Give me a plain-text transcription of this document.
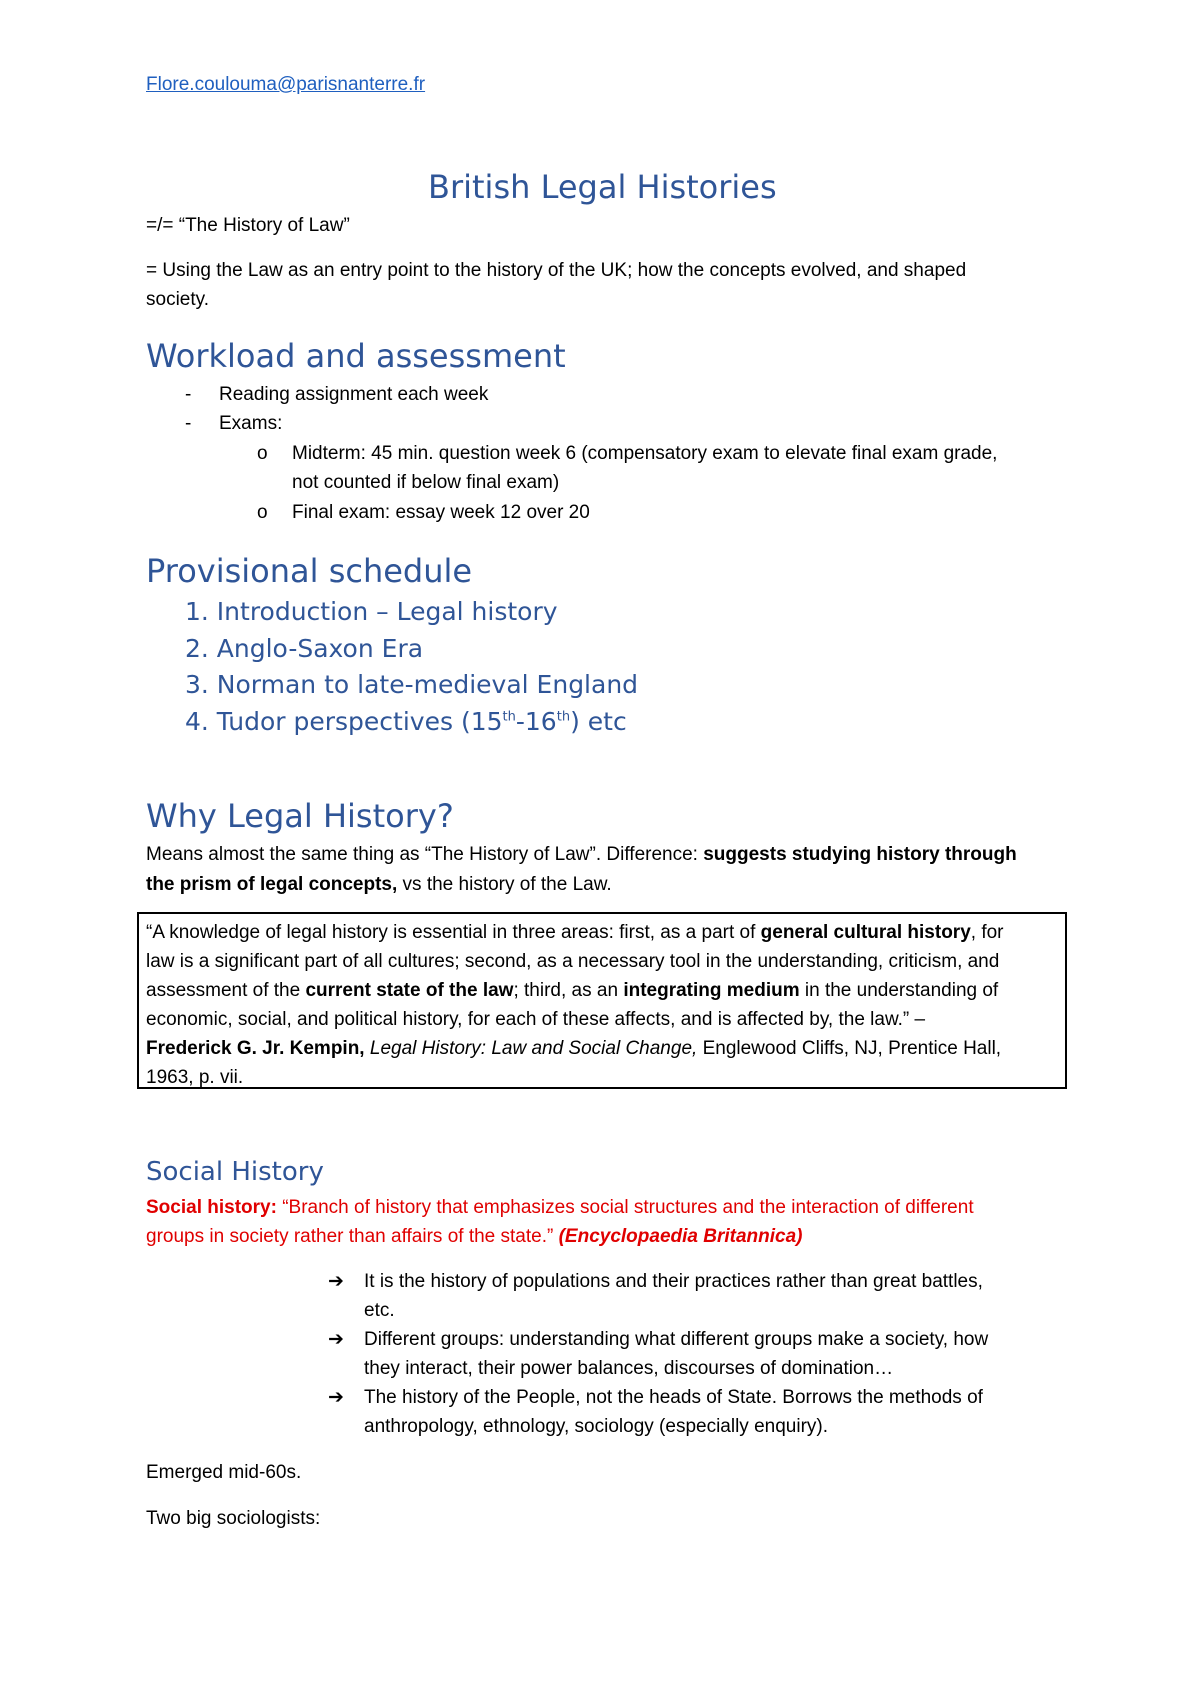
Flore.coulouma@parisnanterre.fr
British Legal Histories
=/= “The History of Law”
= Using the Law as an entry point to the history of the UK; how the concepts evolved, and shaped
society.
Workload and assessment
- Reading assignment each week
- Exams:
o Midterm: 45 min. question week 6 (compensatory exam to elevate final exam grade,
not counted if below final exam)
o Final exam: essay week 12 over 20
Provisional schedule
1. Introduction – Legal history
2. Anglo-Saxon Era
3. Norman to late-medieval England
4. Tudor perspectives (15th-16th) etc
Why Legal History?
Means almost the same thing as “The History of Law”. Difference: suggests studying history through
the prism of legal concepts, vs the history of the Law.
“A knowledge of legal history is essential in three areas: first, as a part of general cultural history, for
law is a significant part of all cultures; second, as a necessary tool in the understanding, criticism, and
assessment of the current state of the law; third, as an integrating medium in the understanding of
economic, social, and political history, for each of these affects, and is affected by, the law.” –
Frederick G. Jr. Kempin, Legal History: Law and Social Change, Englewood Cliffs, NJ, Prentice Hall,
1963, p. vii.
Social History
Social history: “Branch of history that emphasizes social structures and the interaction of different
groups in society rather than affairs of the state.” (Encyclopaedia Britannica)
➔ It is the history of populations and their practices rather than great battles,
etc.
➔ Different groups: understanding what different groups make a society, how
they interact, their power balances, discourses of domination…
➔ The history of the People, not the heads of State. Borrows the methods of
anthropology, ethnology, sociology (especially enquiry).
Emerged mid-60s.
Two big sociologists:
